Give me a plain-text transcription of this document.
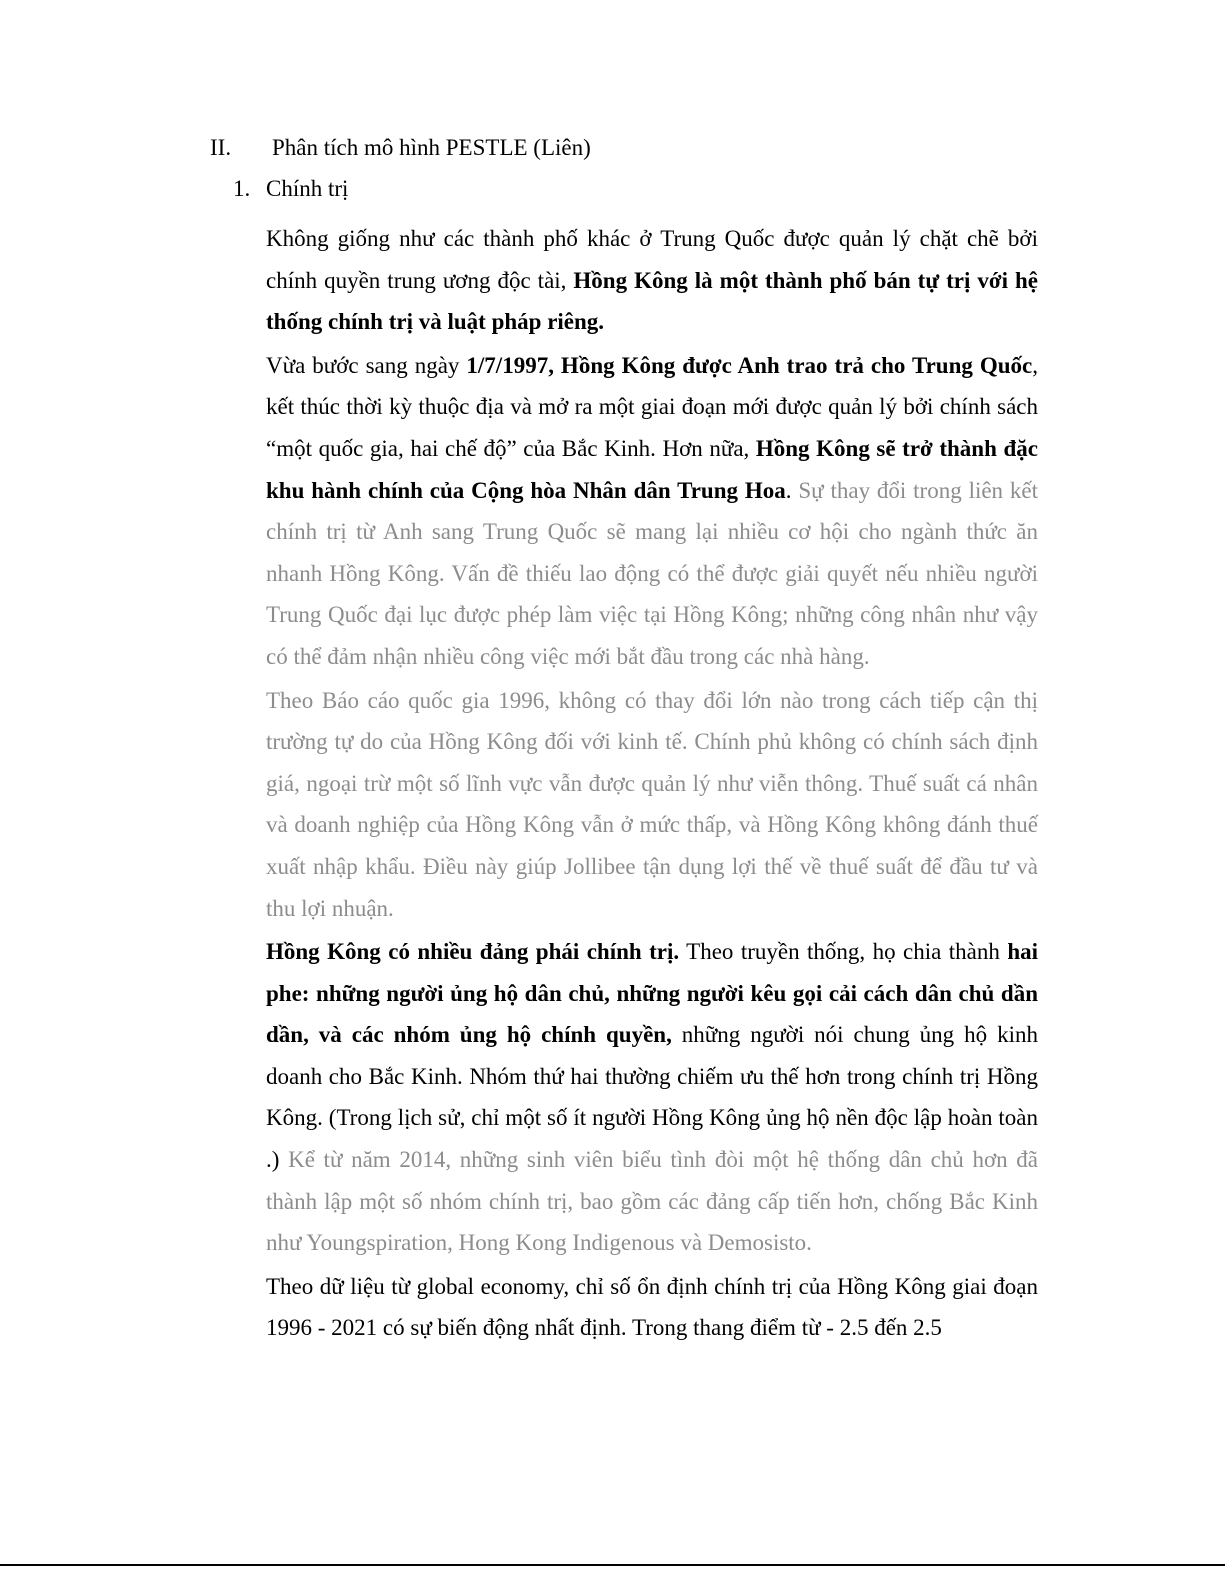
II. Phân tích mô hình PESTLE (Liên)
1. Chính trị

Không giống như các thành phố khác ở Trung Quốc được quản lý chặt chẽ bởi chính quyền trung ương độc tài, Hồng Kông là một thành phố bán tự trị với hệ thống chính trị và luật pháp riêng.

Vừa bước sang ngày 1/7/1997, Hồng Kông được Anh trao trả cho Trung Quốc, kết thúc thời kỳ thuộc địa và mở ra một giai đoạn mới được quản lý bởi chính sách “một quốc gia, hai chế độ” của Bắc Kinh. Hơn nữa, Hồng Kông sẽ trở thành đặc khu hành chính của Cộng hòa Nhân dân Trung Hoa. Sự thay đổi trong liên kết chính trị từ Anh sang Trung Quốc sẽ mang lại nhiều cơ hội cho ngành thức ăn nhanh Hồng Kông. Vấn đề thiếu lao động có thể được giải quyết nếu nhiều người Trung Quốc đại lục được phép làm việc tại Hồng Kông; những công nhân như vậy có thể đảm nhận nhiều công việc mới bắt đầu trong các nhà hàng.

Theo Báo cáo quốc gia 1996, không có thay đổi lớn nào trong cách tiếp cận thị trường tự do của Hồng Kông đối với kinh tế. Chính phủ không có chính sách định giá, ngoại trừ một số lĩnh vực vẫn được quản lý như viễn thông. Thuế suất cá nhân và doanh nghiệp của Hồng Kông vẫn ở mức thấp, và Hồng Kông không đánh thuế xuất nhập khẩu. Điều này giúp Jollibee tận dụng lợi thế về thuế suất để đầu tư và thu lợi nhuận.

Hồng Kông có nhiều đảng phái chính trị. Theo truyền thống, họ chia thành hai phe: những người ủng hộ dân chủ, những người kêu gọi cải cách dân chủ dần dần, và các nhóm ủng hộ chính quyền, những người nói chung ủng hộ kinh doanh cho Bắc Kinh. Nhóm thứ hai thường chiếm ưu thế hơn trong chính trị Hồng Kông. (Trong lịch sử, chỉ một số ít người Hồng Kông ủng hộ nền độc lập hoàn toàn .) Kể từ năm 2014, những sinh viên biểu tình đòi một hệ thống dân chủ hơn đã thành lập một số nhóm chính trị, bao gồm các đảng cấp tiến hơn, chống Bắc Kinh như Youngspiration, Hong Kong Indigenous và Demosisto.

Theo dữ liệu từ global economy, chỉ số ổn định chính trị của Hồng Kông giai đoạn 1996 - 2021 có sự biến động nhất định. Trong thang điểm từ - 2.5 đến 2.5
